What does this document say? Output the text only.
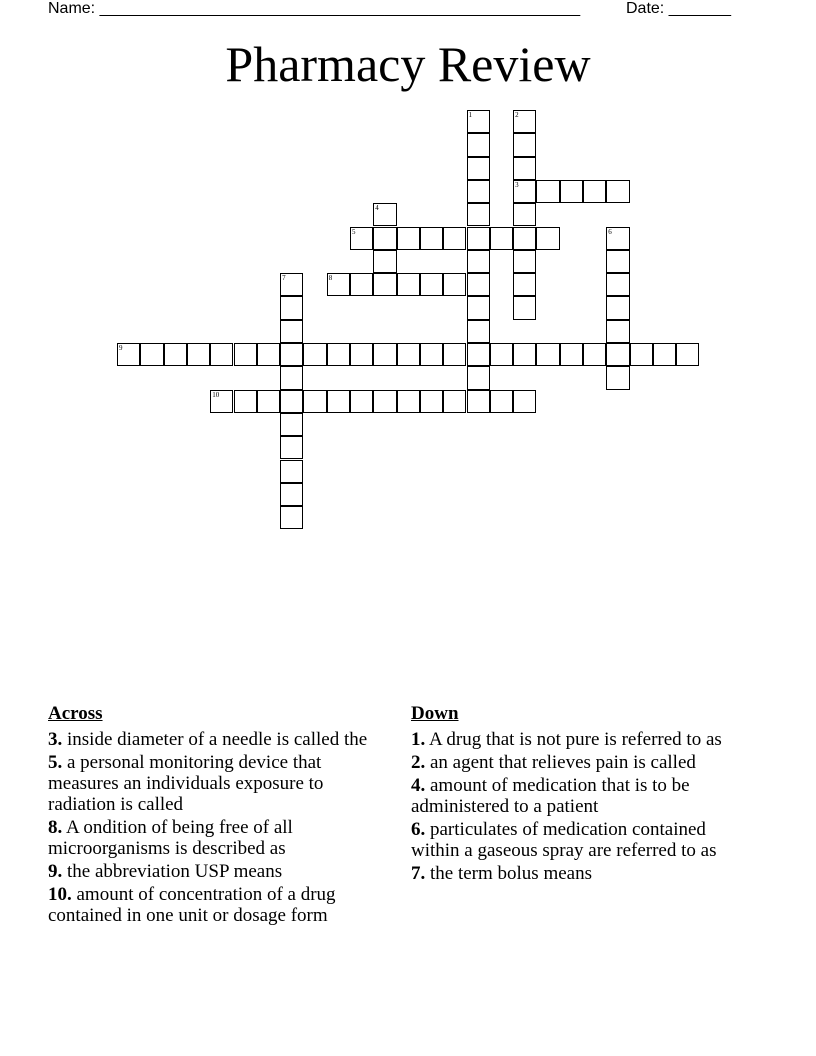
Name: ______________________________________________________	Date: _______
Pharmacy Review
1	2
3
4
5	6
7	8
9
10
Across
3. inside diameter of a needle is called the
5. a personal monitoring device that measures an individuals exposure to radiation is called
8. A ondition of being free of all microorganisms is described as
9. the abbreviation USP means
10. amount of concentration of a drug contained in one unit or dosage form
Down
1. A drug that is not pure is referred to as
2. an agent that relieves pain is called
4. amount of medication that is to be administered to a patient
6. particulates of medication contained within a gaseous spray are referred to as
7. the term bolus means
